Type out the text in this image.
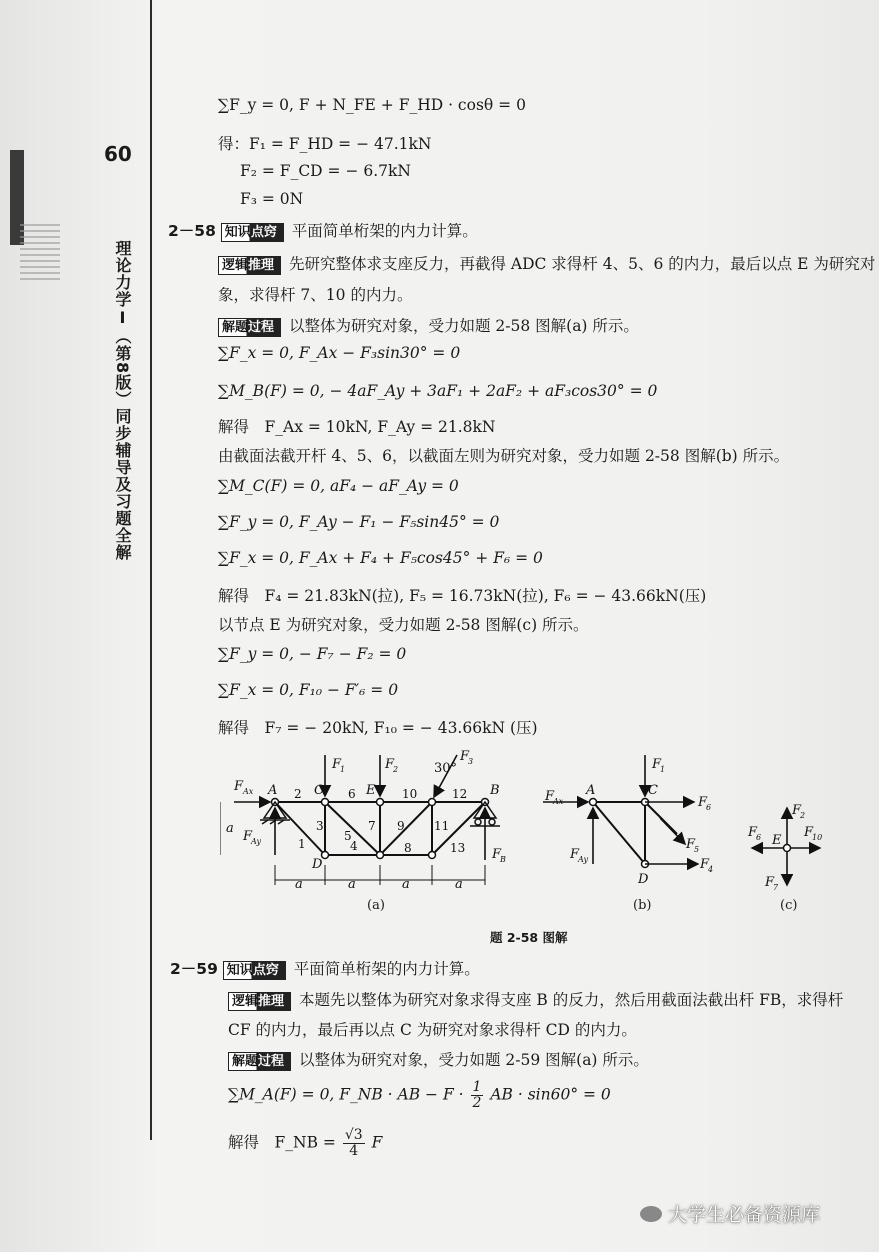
60
理论力学Ⅰ（第8版）同步辅导及习题全解
∑F_y = 0, F + N_FE + F_HD · cosθ = 0
得：F₁ = F_HD = − 47.1kN
F₂ = F_CD = − 6.7kN
F₃ = 0N
2－58 知识点窍 平面简单桁架的内力计算。
逻辑推理 先研究整体求支座反力，再截得 ADC 求得杆 4、5、6 的内力，最后以点 E 为研究对
象，求得杆 7、10 的内力。
解题过程 以整体为研究对象，受力如题 2-58 图解(a) 所示。
∑F_x = 0, F_Ax − F₃sin30° = 0
∑M_B(F) = 0, − 4aF_Ay + 3aF₁ + 2aF₂ + aF₃cos30° = 0
解得　F_Ax = 10kN, F_Ay = 21.8kN
由截面法截开杆 4、5、6，以截面左则为研究对象，受力如题 2-58 图解(b) 所示。
∑M_C(F) = 0, aF₄ − aF_Ay = 0
∑F_y = 0, F_Ay − F₁ − F₅sin45° = 0
∑F_x = 0, F_Ax + F₄ + F₅cos45° + F₆ = 0
解得　F₄ = 21.83kN(拉), F₅ = 16.73kN(拉), F₆ = − 43.66kN(压)
以节点 E 为研究对象，受力如题 2-58 图解(c) 所示。
∑F_y = 0, − F₇ − F₂ = 0
∑F_x = 0, F₁₀ − F′₆ = 0
解得　F₇ = − 20kN, F₁₀ = − 43.66kN (压)
F Ax A	C	E	B
D
F
1	F
2
F
3
30°
F
Ay
F
B
a
a	a	a	a
2	6	10	12
3
5
7 9 11
1	4	8	13
F
Ax
A	C
D
F
1
F
6
F
5
F
4
F
Ay
F
2
F
6 E
F
10
F
7
(a)	(b)	(c)
题 2-58 图解
2－59 知识点窍 平面简单桁架的内力计算。
逻辑推理 本题先以整体为研究对象求得支座 B 的反力，然后用截面法截出杆 FB，求得杆
CF 的内力，最后再以点 C 为研究对象求得杆 CD 的内力。
解题过程 以整体为研究对象，受力如题 2-59 图解(a) 所示。
∑M_A(F) = 0, F_NB · AB − $F \cdot \frac{1}{2}$ AB · sin60° = 0
解得　F_NB = $\frac{√3}{4}$ F
大学生必备资源库
